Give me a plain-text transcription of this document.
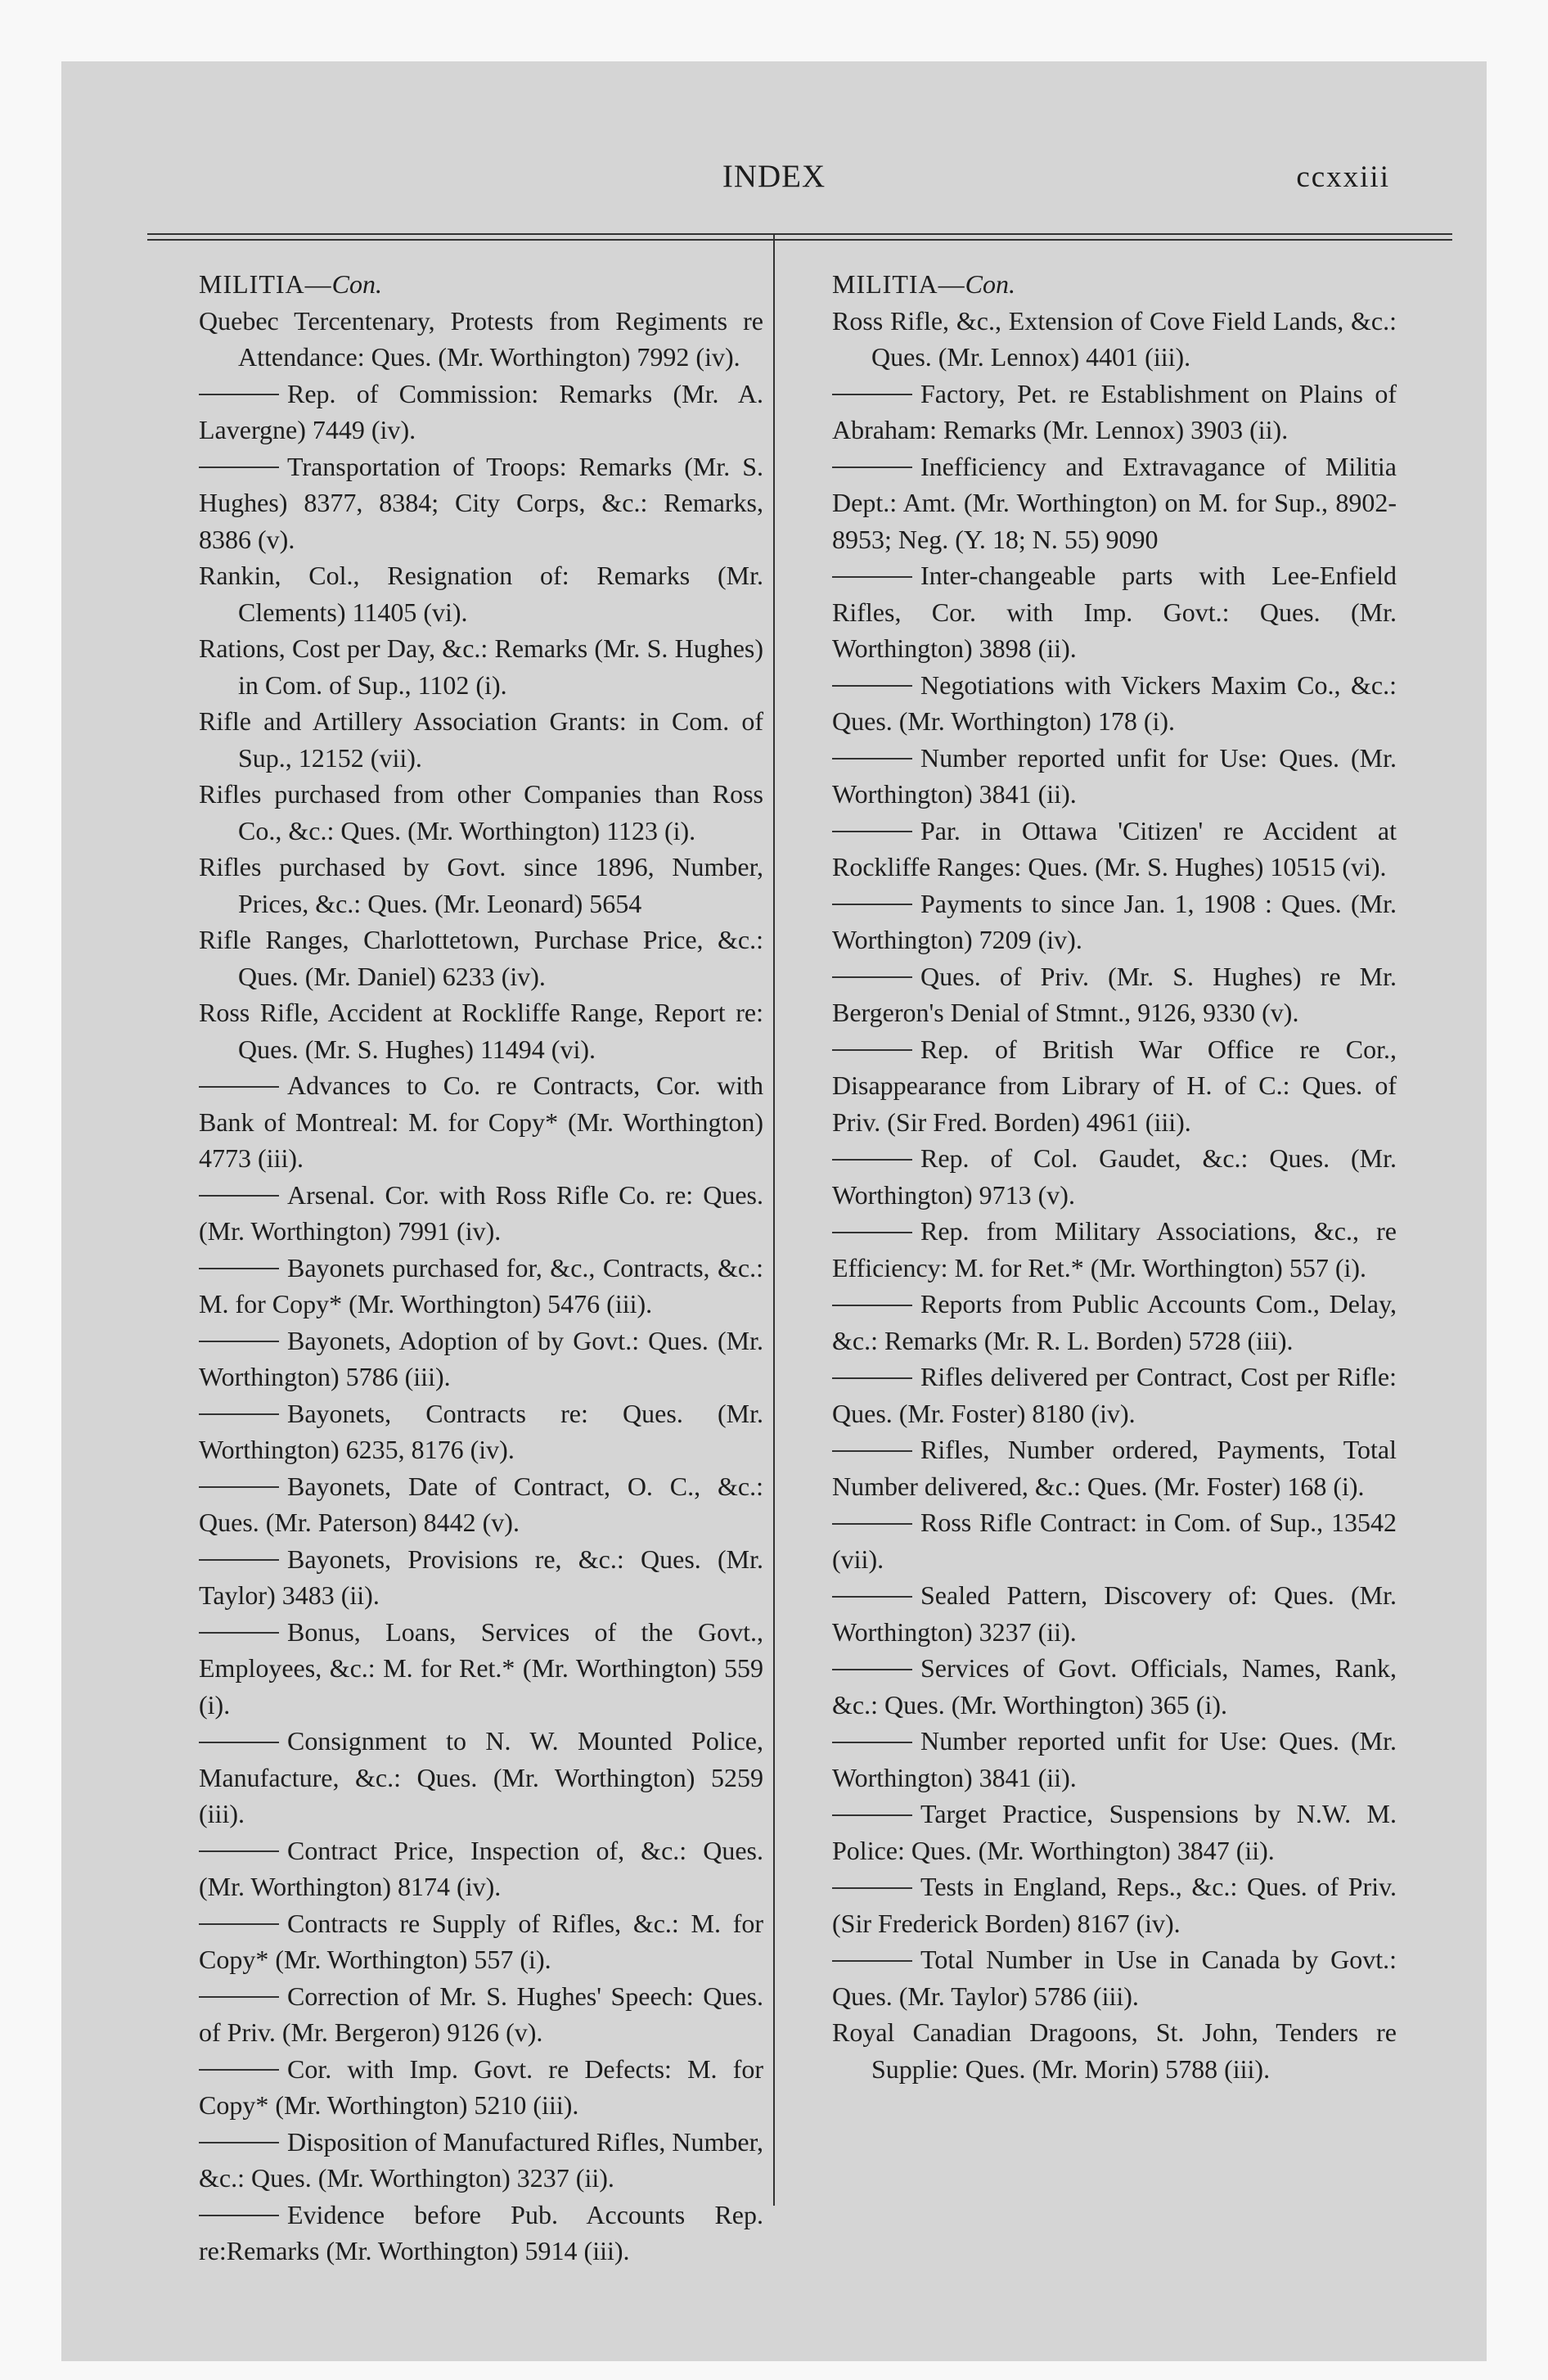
INDEX	ccxxiii

MILITIA—Con.

Quebec Tercentenary, Protests from Regiments re Attendance: Ques. (Mr. Worthington) 7992 (iv).

Rep. of Commission: Remarks (Mr. A. Lavergne) 7449 (iv).

Transportation of Troops: Remarks (Mr. S. Hughes) 8377, 8384; City Corps, &c.: Remarks, 8386 (v).

Rankin, Col., Resignation of: Remarks (Mr. Clements) 11405 (vi).

Rations, Cost per Day, &c.: Remarks (Mr. S. Hughes) in Com. of Sup., 1102 (i).

Rifle and Artillery Association Grants: in Com. of Sup., 12152 (vii).

Rifles purchased from other Companies than Ross Co., &c.: Ques. (Mr. Worthington) 1123 (i).

Rifles purchased by Govt. since 1896, Number, Prices, &c.: Ques. (Mr. Leonard) 5654

Rifle Ranges, Charlottetown, Purchase Price, &c.: Ques. (Mr. Daniel) 6233 (iv).

Ross Rifle, Accident at Rockliffe Range, Report re: Ques. (Mr. S. Hughes) 11494 (vi).

Advances to Co. re Contracts, Cor. with Bank of Montreal: M. for Copy* (Mr. Worthington) 4773 (iii).

Arsenal. Cor. with Ross Rifle Co. re: Ques. (Mr. Worthington) 7991 (iv).

Bayonets purchased for, &c., Contracts, &c.: M. for Copy* (Mr. Worthington) 5476 (iii).

Bayonets, Adoption of by Govt.: Ques. (Mr. Worthington) 5786 (iii).

Bayonets, Contracts re: Ques. (Mr. Worthington) 6235, 8176 (iv).

Bayonets, Date of Contract, O. C., &c.: Ques. (Mr. Paterson) 8442 (v).

Bayonets, Provisions re, &c.: Ques. (Mr. Taylor) 3483 (ii).

Bonus, Loans, Services of the Govt., Employees, &c.: M. for Ret.* (Mr. Worthington) 559 (i).

Consignment to N. W. Mounted Police, Manufacture, &c.: Ques. (Mr. Worthington) 5259 (iii).

Contract Price, Inspection of, &c.: Ques. (Mr. Worthington) 8174 (iv).

Contracts re Supply of Rifles, &c.: M. for Copy* (Mr. Worthington) 557 (i).

Correction of Mr. S. Hughes' Speech: Ques. of Priv. (Mr. Bergeron) 9126 (v).

Cor. with Imp. Govt. re Defects: M. for Copy* (Mr. Worthington) 5210 (iii).

Disposition of Manufactured Rifles, Number, &c.: Ques. (Mr. Worthington) 3237 (ii).

Evidence before Pub. Accounts Rep. re:Remarks (Mr. Worthington) 5914 (iii).

MILITIA—Con.

Ross Rifle, &c., Extension of Cove Field Lands, &c.: Ques. (Mr. Lennox) 4401 (iii).

Factory, Pet. re Establishment on Plains of Abraham: Remarks (Mr. Lennox) 3903 (ii).

Inefficiency and Extravagance of Militia Dept.: Amt. (Mr. Worthington) on M. for Sup., 8902-8953; Neg. (Y. 18; N. 55) 9090

Inter-changeable parts with Lee-Enfield Rifles, Cor. with Imp. Govt.: Ques. (Mr. Worthington) 3898 (ii).

Negotiations with Vickers Maxim Co., &c.: Ques. (Mr. Worthington) 178 (i).

Number reported unfit for Use: Ques. (Mr. Worthington) 3841 (ii).

Par. in Ottawa 'Citizen' re Accident at Rockliffe Ranges: Ques. (Mr. S. Hughes) 10515 (vi).

Payments to since Jan. 1, 1908 : Ques. (Mr. Worthington) 7209 (iv).

Ques. of Priv. (Mr. S. Hughes) re Mr. Bergeron's Denial of Stmnt., 9126, 9330 (v).

Rep. of British War Office re Cor., Disappearance from Library of H. of C.: Ques. of Priv. (Sir Fred. Borden) 4961 (iii).

Rep. of Col. Gaudet, &c.: Ques. (Mr. Worthington) 9713 (v).

Rep. from Military Associations, &c., re Efficiency: M. for Ret.* (Mr. Worthington) 557 (i).

Reports from Public Accounts Com., Delay, &c.: Remarks (Mr. R. L. Borden) 5728 (iii).

Rifles delivered per Contract, Cost per Rifle: Ques. (Mr. Foster) 8180 (iv).

Rifles, Number ordered, Payments, Total Number delivered, &c.: Ques. (Mr. Foster) 168 (i).

Ross Rifle Contract: in Com. of Sup., 13542 (vii).

Sealed Pattern, Discovery of: Ques. (Mr. Worthington) 3237 (ii).

Services of Govt. Officials, Names, Rank, &c.: Ques. (Mr. Worthington) 365 (i).

Number reported unfit for Use: Ques. (Mr. Worthington) 3841 (ii).

Target Practice, Suspensions by N.W. M. Police: Ques. (Mr. Worthington) 3847 (ii).

Tests in England, Reps., &c.: Ques. of Priv. (Sir Frederick Borden) 8167 (iv).

Total Number in Use in Canada by Govt.: Ques. (Mr. Taylor) 5786 (iii).

Royal Canadian Dragoons, St. John, Tenders re Supplie: Ques. (Mr. Morin) 5788 (iii).
